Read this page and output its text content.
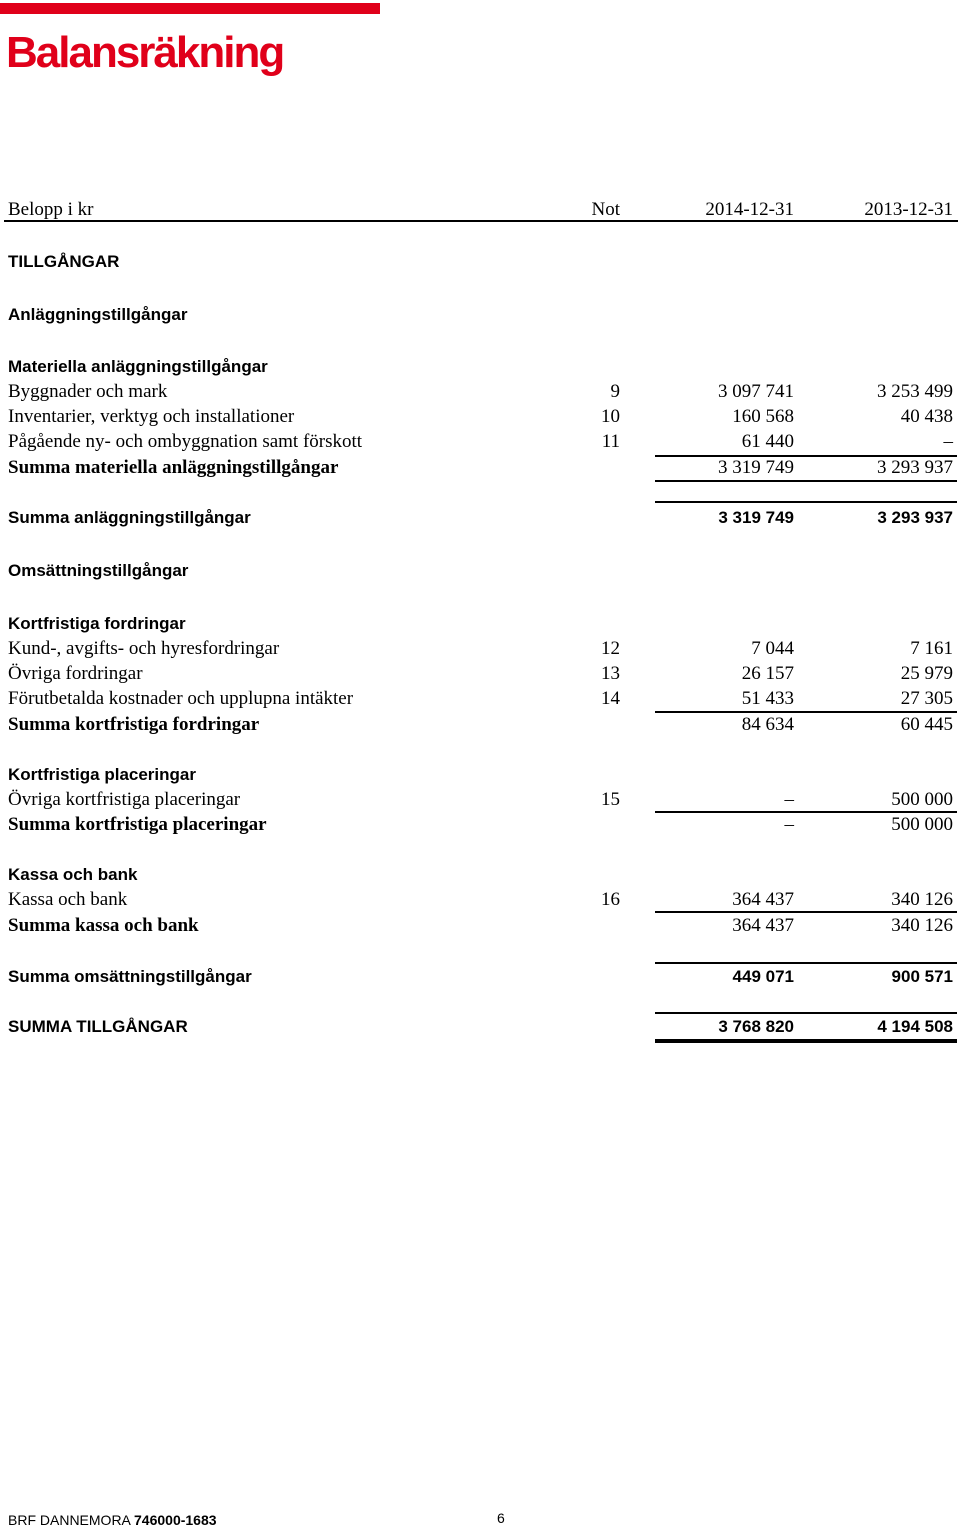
Balansräkning
Belopp i kr	Not	2014-12-31	2013-12-31
TILLGÅNGAR
Anläggningstillgångar
Materiella anläggningstillgångar
Byggnader och mark	9	3 097 741	3 253 499
Inventarier, verktyg och installationer	10	160 568	40 438
Pågående ny- och ombyggnation samt förskott	11	61 440	–
Summa materiella anläggningstillgångar	3 319 749	3 293 937
Summa anläggningstillgångar	3 319 749	3 293 937
Omsättningstillgångar
Kortfristiga fordringar
Kund-, avgifts- och hyresfordringar	12	7 044	7 161
Övriga fordringar	13	26 157	25 979
Förutbetalda kostnader och upplupna intäkter	14	51 433	27 305
Summa kortfristiga fordringar	84 634	60 445
Kortfristiga placeringar
Övriga kortfristiga placeringar	15	–	500 000
Summa kortfristiga placeringar	–	500 000
Kassa och bank
Kassa och bank	16	364 437	340 126
Summa kassa och bank	364 437	340 126
Summa omsättningstillgångar	449 071	900 571
SUMMA TILLGÅNGAR	3 768 820	4 194 508
BRF DANNEMORA 746000-1683	6
